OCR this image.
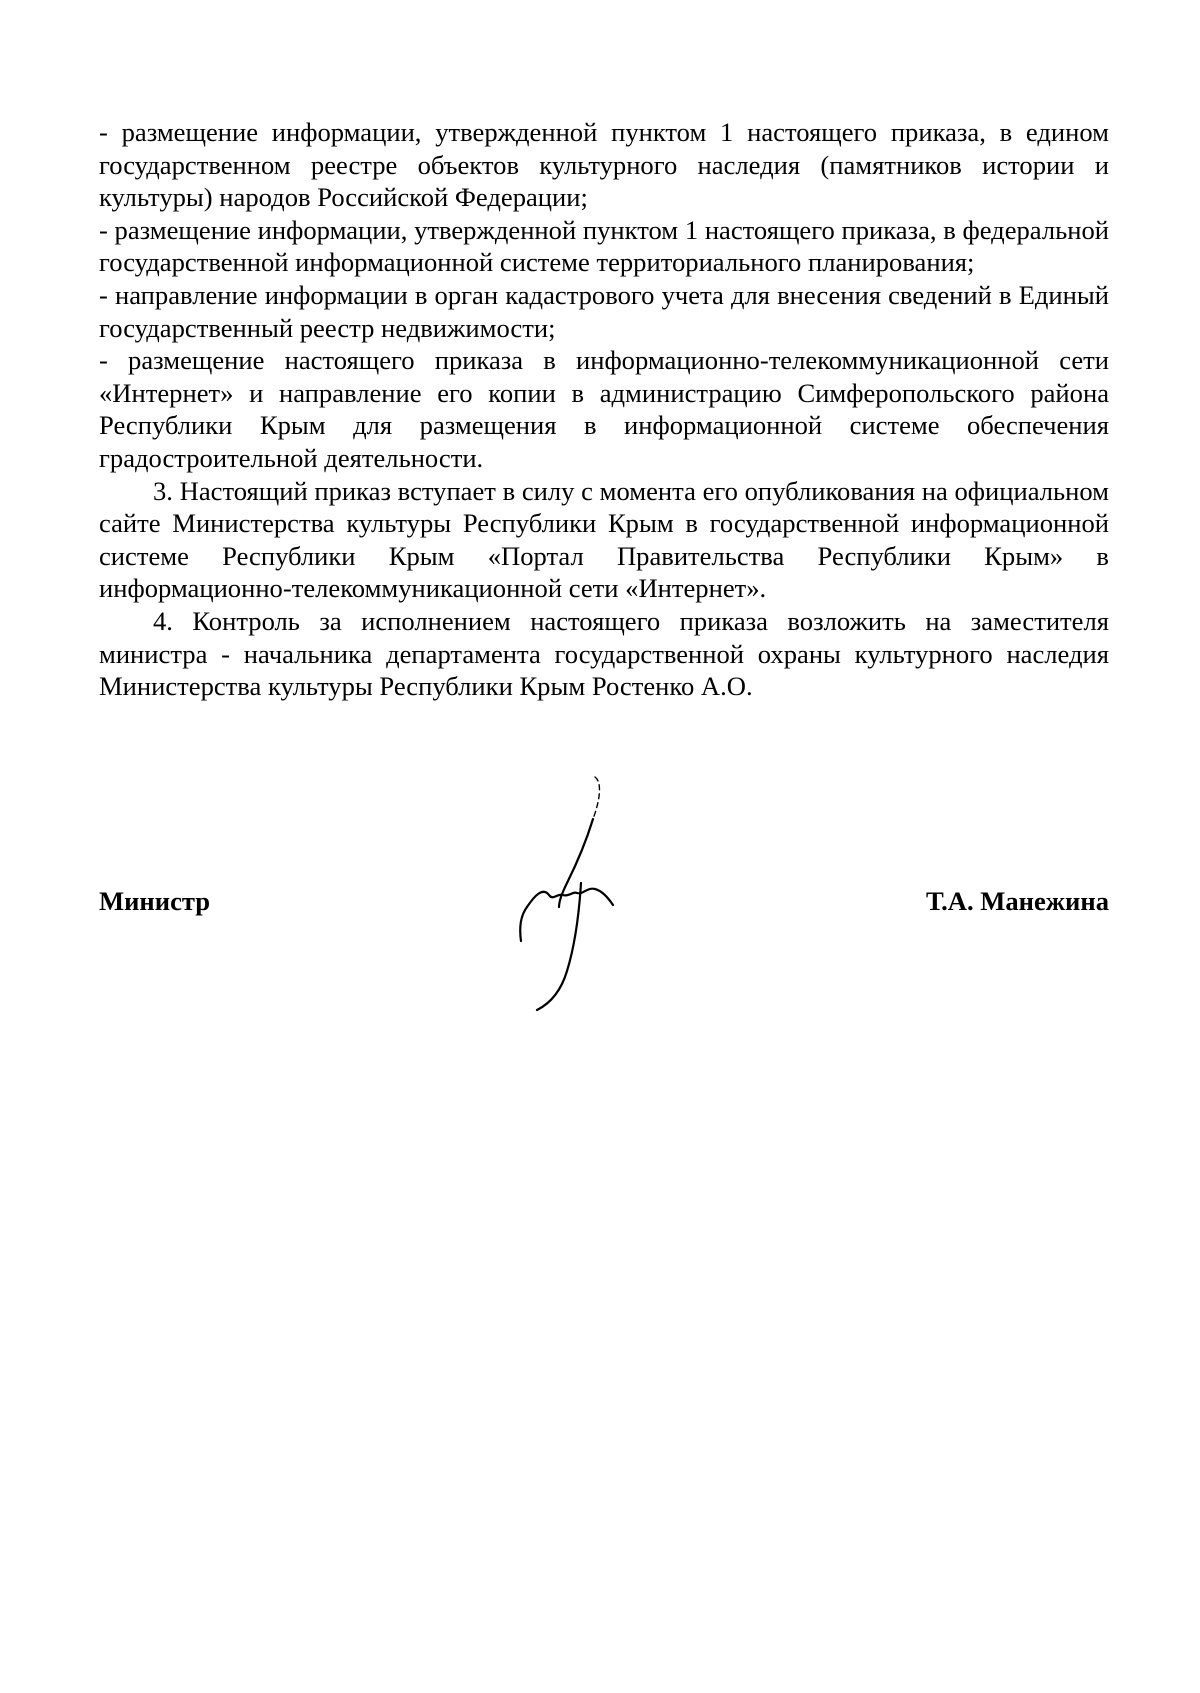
- размещение информации, утвержденной пунктом 1 настоящего приказа, в едином государственном реестре объектов культурного наследия (памятников истории и культуры) народов Российской Федерации;

- размещение информации, утвержденной пунктом 1 настоящего приказа, в федеральной государственной информационной системе территориального планирования;

- направление информации в орган кадастрового учета для внесения сведений в Единый государственный реестр недвижимости;

- размещение настоящего приказа в информационно-телекоммуникационной сети «Интернет» и направление его копии в администрацию Симферопольского района Республики Крым для размещения в информационной системе обеспечения градостроительной деятельности.

3. Настоящий приказ вступает в силу с момента его опубликования на официальном сайте Министерства культуры Республики Крым в государственной информационной системе Республики Крым «Портал Правительства Республики Крым» в информационно-телекоммуникационной сети «Интернет».

4. Контроль за исполнением настоящего приказа возложить на заместителя министра - начальника департамента государственной охраны культурного наследия Министерства культуры Республики Крым Ростенко А.О.

Министр	Т.А. Манежина
